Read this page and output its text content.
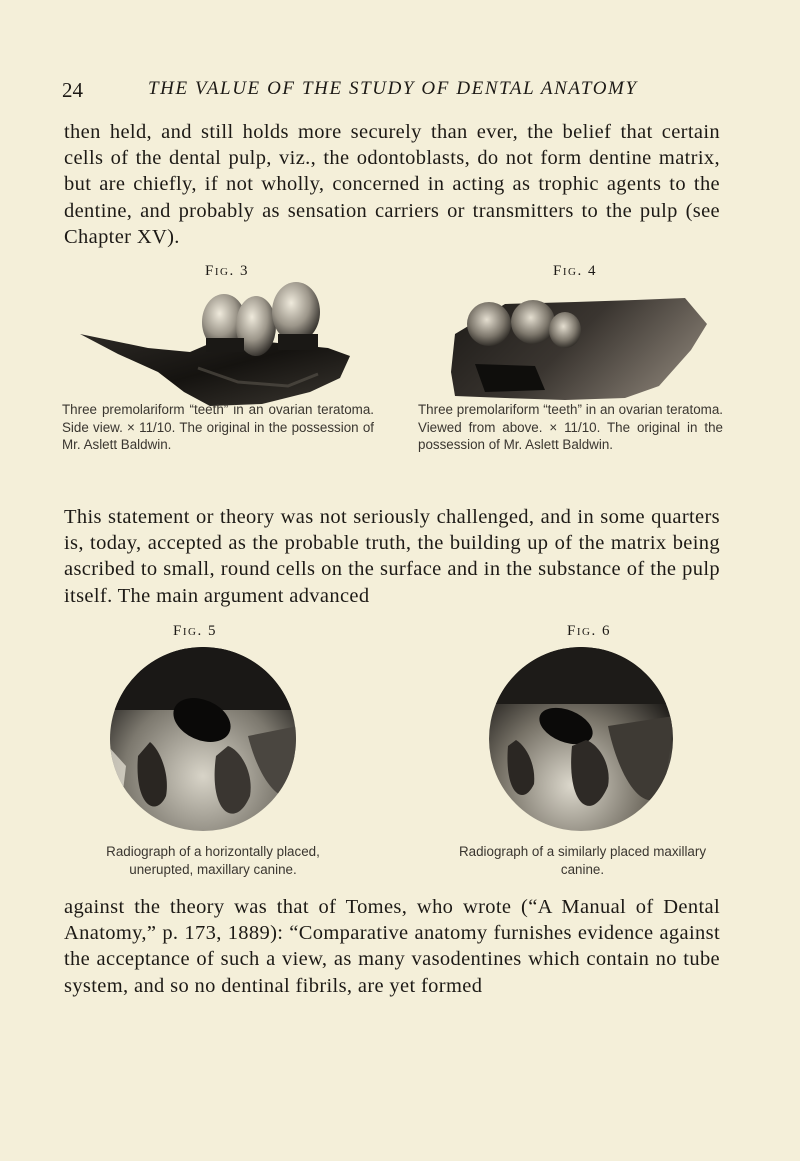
24	THE VALUE OF THE STUDY OF DENTAL ANATOMY

then held, and still holds more securely than ever, the belief that certain cells of the dental pulp, viz., the odontoblasts, do not form dentine matrix, but are chiefly, if not wholly, concerned in acting as trophic agents to the dentine, and probably as sensation carriers or transmitters to the pulp (see Chapter XV).

Fig. 3

Three premolariform “teeth” in an ovarian teratoma. Side view. × 11/10. The original in the possession of Mr. Aslett Baldwin.

Fig. 4

Three premolariform “teeth” in an ovarian teratoma. Viewed from above. × 11/10. The original in the possession of Mr. Aslett Baldwin.

This statement or theory was not seriously challenged, and in some quarters is, today, accepted as the probable truth, the building up of the matrix being ascribed to small, round cells on the surface and in the substance of the pulp itself. The main argument advanced

Fig. 5

Radiograph of a horizontally placed, unerupted, maxillary canine.

Fig. 6

Radiograph of a similarly placed maxillary canine.

against the theory was that of Tomes, who wrote (“A Manual of Dental Anatomy,” p. 173, 1889): “Comparative anatomy furnishes evidence against the acceptance of such a view, as many vasodentines which contain no tube system, and so no dentinal fibrils, are yet formed
